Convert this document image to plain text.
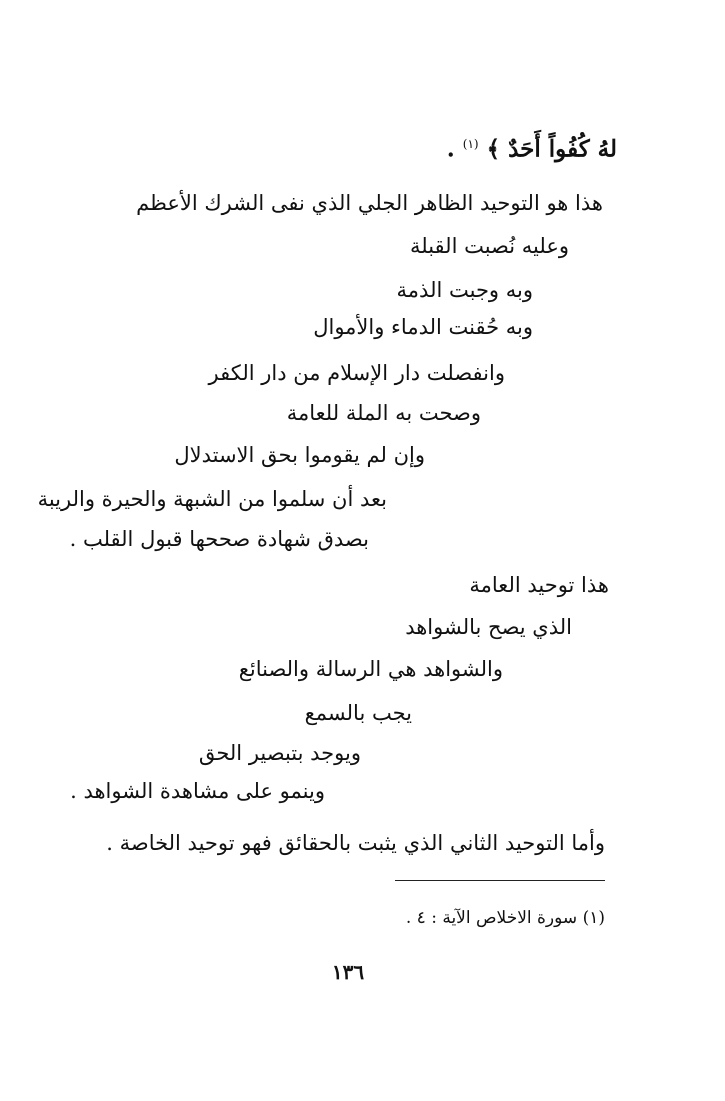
لهُ كُفُواً أَحَدٌ ﴾ $^{(١)}$ .
هذا هو التوحيد الظاهر الجلي الذي نفى الشرك الأعظم
وعليه نُصبت القبلة
وبه وجبت الذمة
وبه حُقنت الدماء والأموال
وانفصلت دار الإسلام من دار الكفر
وصحت به الملة للعامة
وإن لم يقوموا بحق الاستدلال
بعد أن سلموا من الشبهة والحيرة والريبة
بصدق شهادة صححها قبول القلب .
هذا توحيد العامة
الذي يصح بالشواهد
والشواهد هي الرسالة والصنائع
يجب بالسمع
ويوجد بتبصير الحق
وينمو على مشاهدة الشواهد .
وأما التوحيد الثاني الذي يثبت بالحقائق فهو توحيد الخاصة .
(١) سورة الاخلاص الآية : ٤ .
١٣٦
